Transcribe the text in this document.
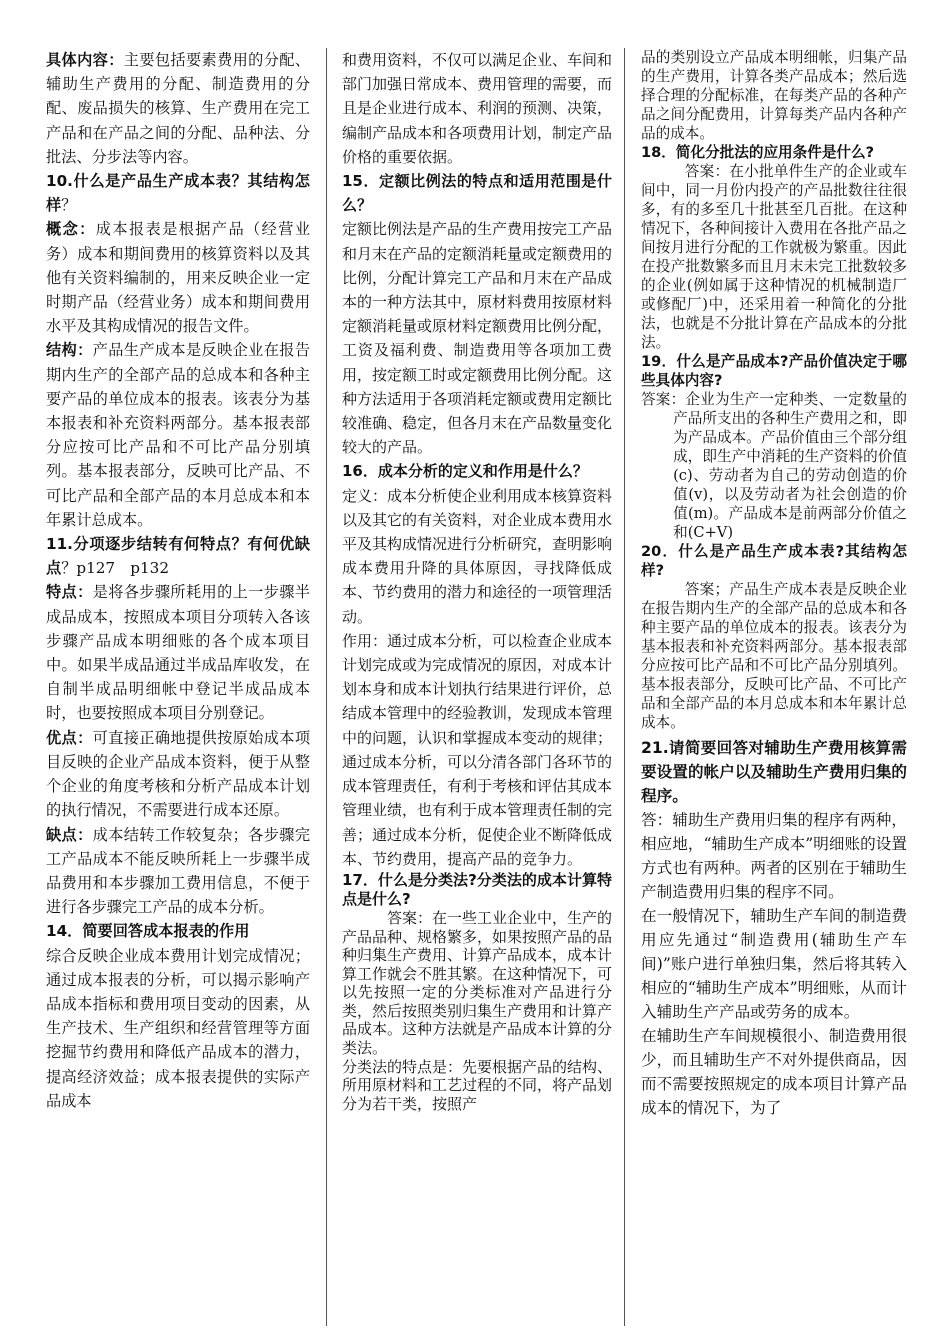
具体内容：主要包括要素费用的分配、辅助生产费用的分配、制造费用的分配、废品损失的核算、生产费用在完工产品和在产品之间的分配、品种法、分批法、分步法等内容。

10.什么是产品生产成本表？其结构怎样？

概念：成本报表是根据产品（经营业务）成本和期间费用的核算资料以及其他有关资料编制的，用来反映企业一定时期产品（经营业务）成本和期间费用水平及其构成情况的报告文件。

结构：产品生产成本是反映企业在报告期内生产的全部产品的总成本和各种主要产品的单位成本的报表。该表分为基本报表和补充资料两部分。基本报表部分应按可比产品和不可比产品分别填列。基本报表部分，反映可比产品、不可比产品和全部产品的本月总成本和本年累计总成本。

11.分项逐步结转有何特点？有何优缺点？p127　p132

特点：是将各步骤所耗用的上一步骤半成品成本，按照成本项目分项转入各该步骤产品成本明细账的各个成本项目中。如果半成品通过半成品库收发，在自制半成品明细帐中登记半成品成本时，也要按照成本项目分别登记。

优点：可直接正确地提供按原始成本项目反映的企业产品成本资料，便于从整个企业的角度考核和分析产品成本计划的执行情况，不需要进行成本还原。

缺点：成本结转工作较复杂；各步骤完工产品成本不能反映所耗上一步骤半成品费用和本步骤加工费用信息，不便于进行各步骤完工产品的成本分析。

14．简要回答成本报表的作用

综合反映企业成本费用计划完成情况；通过成本报表的分析，可以揭示影响产品成本指标和费用项目变动的因素，从生产技术、生产组织和经营管理等方面挖掘节约费用和降低产品成本的潜力，提高经济效益；成本报表提供的实际产品成本

和费用资料，不仅可以满足企业、车间和部门加强日常成本、费用管理的需要，而且是企业进行成本、利润的预测、决策，编制产品成本和各项费用计划，制定产品价格的重要依据。

15．定额比例法的特点和适用范围是什么？

定额比例法是产品的生产费用按完工产品和月末在产品的定额消耗量或定额费用的比例，分配计算完工产品和月末在产品成本的一种方法其中，原材料费用按原材料定额消耗量或原材料定额费用比例分配，工资及福利费、制造费用等各项加工费用，按定额工时或定额费用比例分配。这种方法适用于各项消耗定额或费用定额比较准确、稳定，但各月末在产品数量变化较大的产品。

16．成本分析的定义和作用是什么？

定义：成本分析使企业利用成本核算资料以及其它的有关资料，对企业成本费用水平及其构成情况进行分析研究，查明影响成本费用升降的具体原因，寻找降低成本、节约费用的潜力和途径的一项管理活动。

作用：通过成本分析，可以检查企业成本计划完成或为完成情况的原因，对成本计划本身和成本计划执行结果进行评价，总结成本管理中的经验教训，发现成本管理中的问题，认识和掌握成本变动的规律；通过成本分析，可以分清各部门各环节的成本管理责任，有利于考核和评估其成本管理业绩，也有利于成本管理责任制的完善；通过成本分析，促使企业不断降低成本、节约费用，提高产品的竞争力。

17．什么是分类法?分类法的成本计算特点是什么?

答案：在一些工业企业中，生产的产品品种、规格繁多，如果按照产品的品种归集生产费用、计算产品成本，成本计算工作就会不胜其繁。在这种情况下，可以先按照一定的分类标准对产品进行分类，然后按照类别归集生产费用和计算产品成本。这种方法就是产品成本计算的分类法。

分类法的特点是：先要根据产品的结构、所用原材料和工艺过程的不同，将产品划分为若干类，按照产

品的类别设立产品成本明细帐，归集产品的生产费用，计算各类产品成本；然后选择合理的分配标准，在每类产品的各种产品之间分配费用，计算每类产品内各种产品的成本。

18．简化分批法的应用条件是什么?

答案：在小批单件生产的企业或车间中，同一月份内投产的产品批数往往很多，有的多至几十批甚至几百批。在这种情况下，各种间接计入费用在各批产品之间按月进行分配的工作就极为繁重。因此在投产批数繁多而且月末未完工批数较多的企业(例如属于这种情况的机械制造厂或修配厂)中，还采用着一种简化的分批法，也就是不分批计算在产品成本的分批法。

19．什么是产品成本?产品价值决定于哪些具体内容?

答案：企业为生产一定种类、一定数量的产品所支出的各种生产费用之和，即为产品成本。产品价值由三个部分组成，即生产中消耗的生产资料的价值(c)、劳动者为自己的劳动创造的价值(v)，以及劳动者为社会创造的价值(m)。产品成本是前两部分价值之和(C+V)

20．什么是产品生产成本表?其结构怎样?

答案；产品生产成本表是反映企业在报告期内生产的全部产品的总成本和各种主要产品的单位成本的报表。该表分为基本报表和补充资料两部分。基本报表部分应按可比产品和不可比产品分别填列。基本报表部分，反映可比产品、不可比产品和全部产品的本月总成本和本年累计总成本。

21.请简要回答对辅助生产费用核算需要设置的帐户以及辅助生产费用归集的程序。

答：辅助生产费用归集的程序有两种，相应地，“辅助生产成本”明细账的设置方式也有两种。两者的区别在于辅助生产制造费用归集的程序不同。

在一般情况下，辅助生产车间的制造费用应先通过“制造费用(辅助生产车间)”账户进行单独归集，然后将其转入相应的“辅助生产成本”明细账，从而计入辅助生产产品或劳务的成本。

在辅助生产车间规模很小、制造费用很少，而且辅助生产不对外提供商品，因而不需要按照规定的成本项目计算产品成本的情况下，为了
